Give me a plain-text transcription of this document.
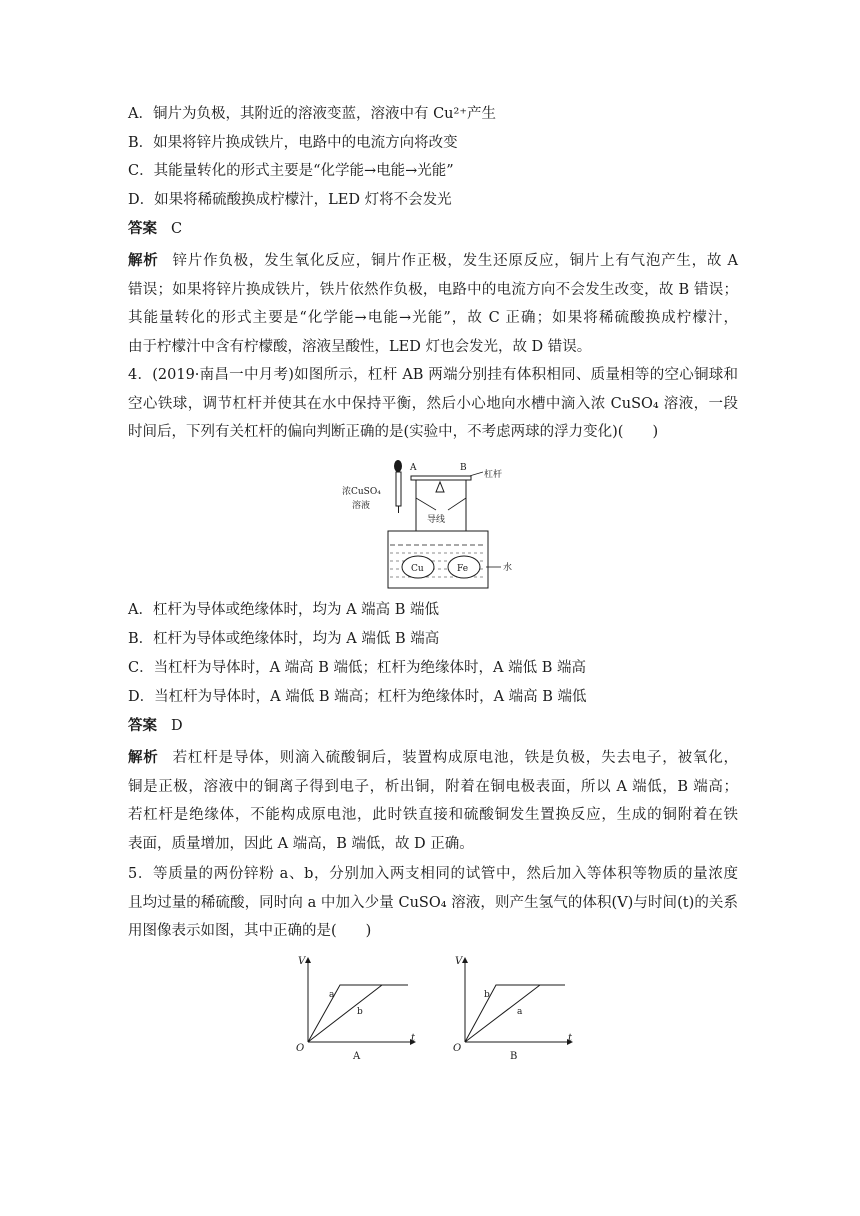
A．铜片为负极，其附近的溶液变蓝，溶液中有 Cu²⁺产生
B．如果将锌片换成铁片，电路中的电流方向将改变
C．其能量转化的形式主要是“化学能→电能→光能”
D．如果将稀硫酸换成柠檬汁，LED 灯将不会发光
答案 C
解析 锌片作负极，发生氧化反应，铜片作正极，发生还原反应，铜片上有气泡产生，故 A
错误；如果将锌片换成铁片，铁片依然作负极，电路中的电流方向不会发生改变，故 B 错误；
其能量转化的形式主要是“化学能→电能→光能”，故 C 正确；如果将稀硫酸换成柠檬汁，
由于柠檬汁中含有柠檬酸，溶液呈酸性，LED 灯也会发光，故 D 错误。
4．(2019·南昌一中月考)如图所示，杠杆 AB 两端分别挂有体积相同、质量相等的空心铜球和
空心铁球，调节杠杆并使其在水中保持平衡，然后小心地向水槽中滴入浓 CuSO₄ 溶液，一段
时间后，下列有关杠杆的偏向判断正确的是(实验中，不考虑两球的浮力变化)(　　)
浓CuSO₄
溶液
A	B
杠杆
导线
Cu	Fe	水
A．杠杆为导体或绝缘体时，均为 A 端高 B 端低
B．杠杆为导体或绝缘体时，均为 A 端低 B 端高
C．当杠杆为导体时，A 端高 B 端低；杠杆为绝缘体时，A 端低 B 端高
D．当杠杆为导体时，A 端低 B 端高；杠杆为绝缘体时，A 端高 B 端低
答案 D
解析 若杠杆是导体，则滴入硫酸铜后，装置构成原电池，铁是负极，失去电子，被氧化，
铜是正极，溶液中的铜离子得到电子，析出铜，附着在铜电极表面，所以 A 端低，B 端高；
若杠杆是绝缘体，不能构成原电池，此时铁直接和硫酸铜发生置换反应，生成的铜附着在铁
表面，质量增加，因此 A 端高，B 端低，故 D 正确。
5．等质量的两份锌粉 a、b，分别加入两支相同的试管中，然后加入等体积等物质的量浓度
且均过量的稀硫酸，同时向 a 中加入少量 CuSO₄ 溶液，则产生氢气的体积(V)与时间(t)的关系
用图像表示如图，其中正确的是(　　)
V
t
O
a
b
A
V
t
O
b
a
B
